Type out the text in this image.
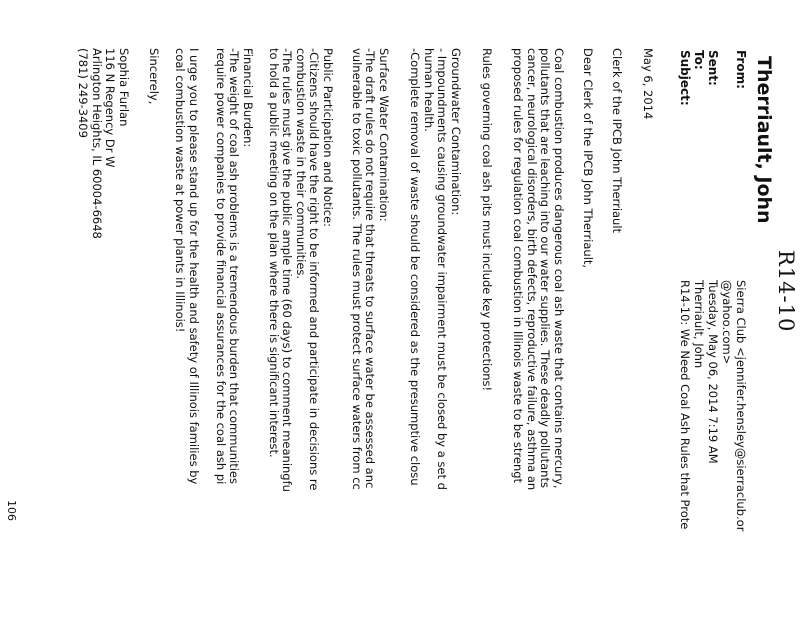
R14-10
Therriault, John
From:
Sierra Club <jennifer.hensley@sierraclub.or
@yahoo.com>
Sent:
Tuesday, May 06, 2014 7:19 AM
To:
Therriault, John
Subject:
R14-10: We Need Coal Ash Rules that Prote
May 6, 2014
Clerk of the IPCB John Therriault
Dear Clerk of the IPCB John Therriault,
Coal combustion produces dangerous coal ash waste that contains mercury,
pollutants that are leaching into our water supplies. These deadly pollutants
cancer, neurological disorders, birth defects, reproductive failure, asthma an
proposed rules for regulation coal combustion in Illinois waste to be strengt
Rules governing coal ash pits must include key protections!
Groundwater Contamination:
- Impoundments causing groundwater impairment must be closed by a set d
human health.
-Complete removal of waste should be considered as the presumptive closu
Surface Water Contamination:
-The draft rules do not require that threats to surface water be assessed anc
vulnerable to toxic pollutants. The rules must protect surface waters from cc
Public Participation and Notice:
-Citizens should have the right to be informed and participate in decisions re
combustion waste in their communities.
-The rules must give the public ample time (60 days) to comment meaningfu
to hold a public meeting on the plan where there is significant interest.
Financial Burden:
-The weight of coal ash problems is a tremendous burden that communities
require power companies to provide financial assurances for the coal ash pi
I urge you to please stand up for the health and safety of Illinois families by
coal combustion waste at power plants in Illinois!
Sincerely,
Sophia Furlan
116 N Regency Dr W
Arlington Heights, IL 60004-6648
(781) 249-3409
106
